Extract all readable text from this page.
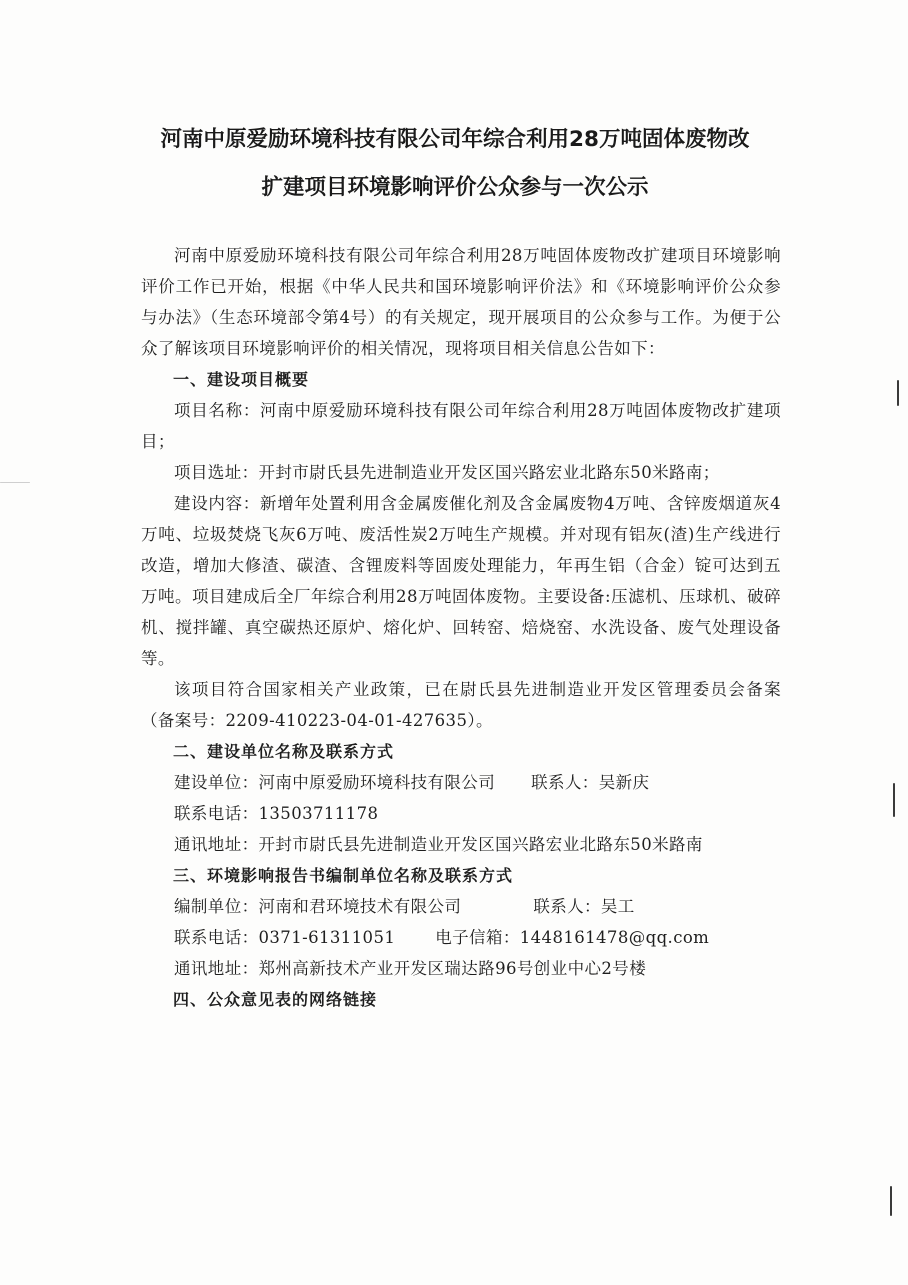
河南中原爱励环境科技有限公司年综合利用28万吨固体废物改
扩建项目环境影响评价公众参与一次公示

河南中原爱励环境科技有限公司年综合利用28万吨固体废物改扩建项目环境影响评价工作已开始，根据《中华人民共和国环境影响评价法》和《环境影响评价公众参与办法》（生态环境部令第4号）的有关规定，现开展项目的公众参与工作。为便于公众了解该项目环境影响评价的相关情况，现将项目相关信息公告如下：

一、建设项目概要

项目名称：河南中原爱励环境科技有限公司年综合利用28万吨固体废物改扩建项目；

项目选址：开封市尉氏县先进制造业开发区国兴路宏业北路东50米路南；

建设内容：新增年处置利用含金属废催化剂及含金属废物4万吨、含锌废烟道灰4万吨、垃圾焚烧飞灰6万吨、废活性炭2万吨生产规模。并对现有铝灰(渣)生产线进行改造，增加大修渣、碳渣、含锂废料等固废处理能力，年再生铝（合金）锭可达到五万吨。项目建成后全厂年综合利用28万吨固体废物。主要设备:压滤机、压球机、破碎机、搅拌罐、真空碳热还原炉、熔化炉、回转窑、焙烧窑、水洗设备、废气处理设备等。

该项目符合国家相关产业政策，已在尉氏县先进制造业开发区管理委员会备案（备案号：2209-410223-04-01-427635）。

二、建设单位名称及联系方式

建设单位：河南中原爱励环境科技有限公司 联系人：吴新庆

联系电话：13503711178

通讯地址：开封市尉氏县先进制造业开发区国兴路宏业北路东50米路南

三、环境影响报告书编制单位名称及联系方式

编制单位：河南和君环境技术有限公司	联系人：吴工

联系电话：0371-61311051 电子信箱：1448161478@qq.com

通讯地址：郑州高新技术产业开发区瑞达路96号创业中心2号楼

四、公众意见表的网络链接
